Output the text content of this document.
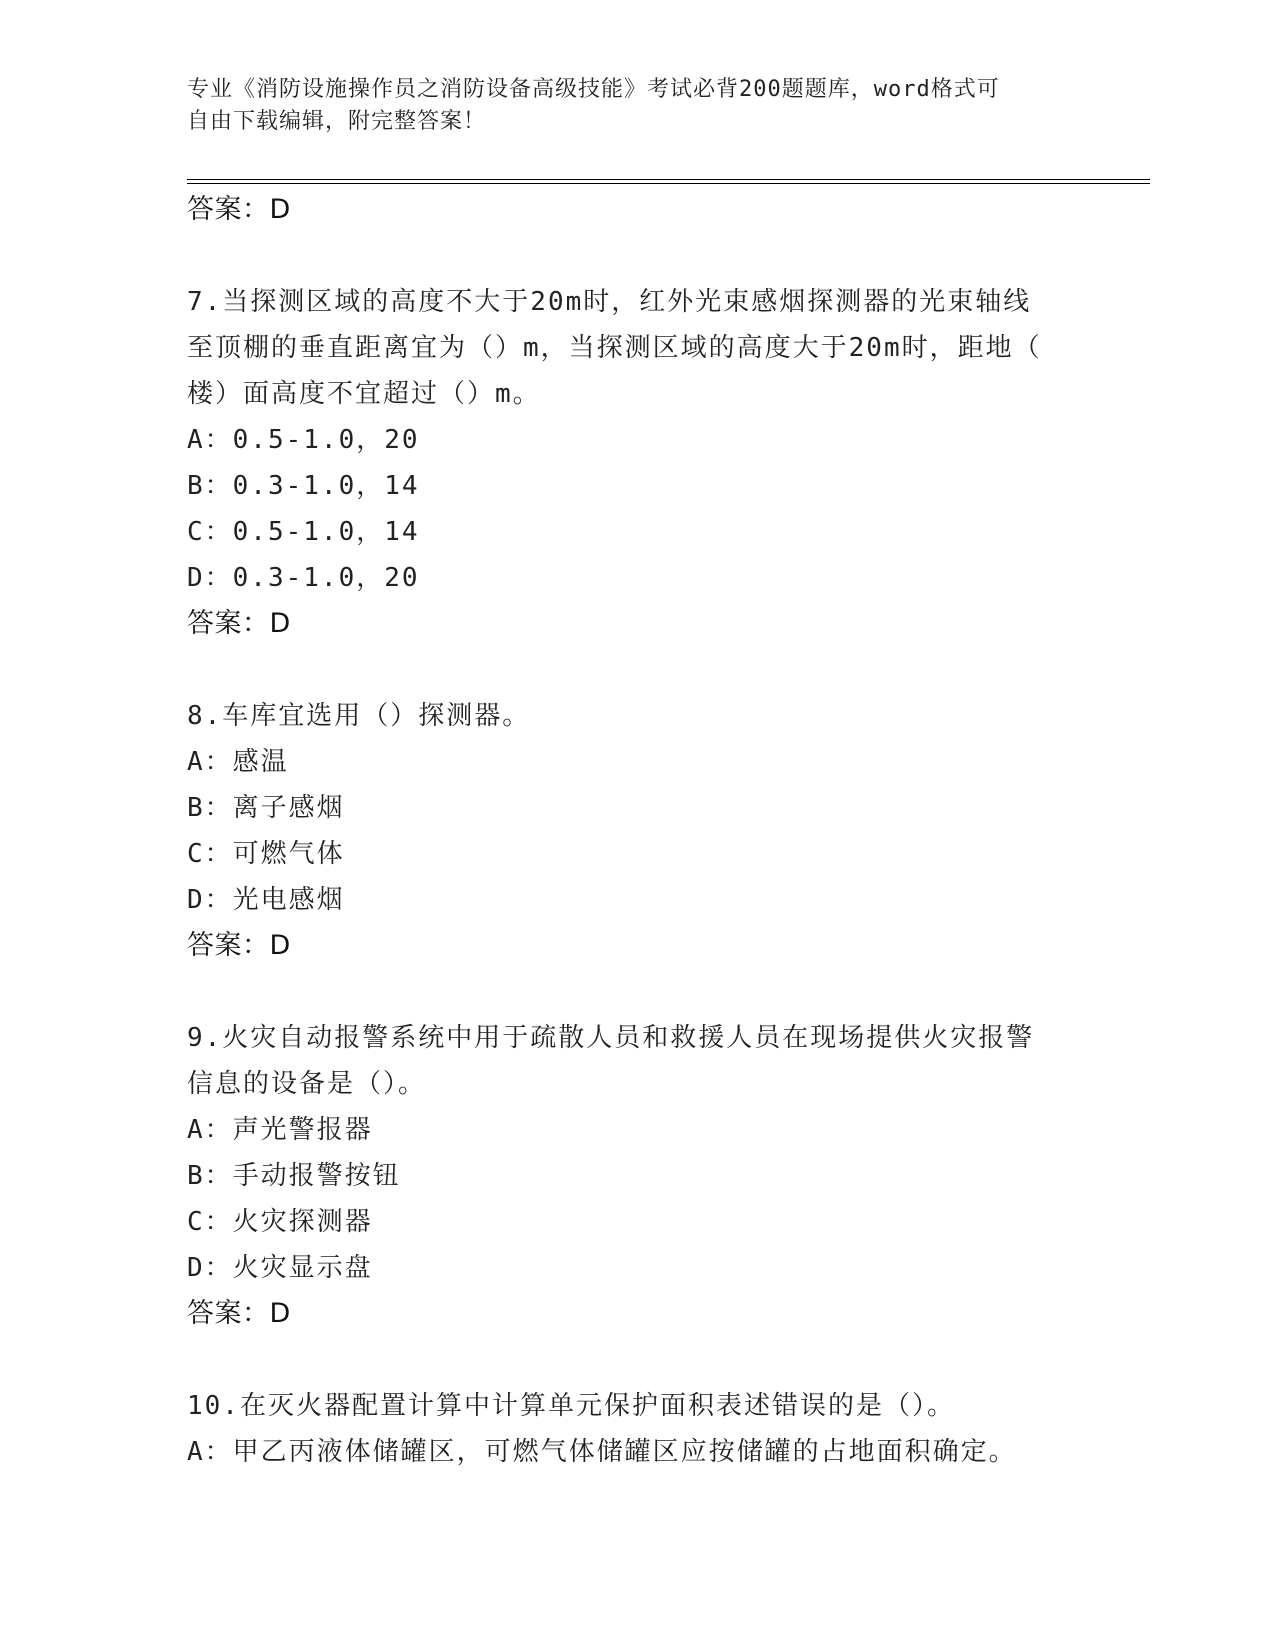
专业《消防设施操作员之消防设备高级技能》考试必背200题题库，word格式可
自由下载编辑，附完整答案！
答案：D
7.当探测区域的高度不大于20m时，红外光束感烟探测器的光束轴线
至顶棚的垂直距离宜为（）m，当探测区域的高度大于20m时，距地（
楼）面高度不宜超过（）m。
A：0.5-1.0，20
B：0.3-1.0，14
C：0.5-1.0，14
D：0.3-1.0，20
答案：D
8.车库宜选用（）探测器。
A：感温
B：离子感烟
C：可燃气体
D：光电感烟
答案：D
9.火灾自动报警系统中用于疏散人员和救援人员在现场提供火灾报警
信息的设备是（）。
A：声光警报器
B：手动报警按钮
C：火灾探测器
D：火灾显示盘
答案：D
10.在灭火器配置计算中计算单元保护面积表述错误的是（）。
A：甲乙丙液体储罐区，可燃气体储罐区应按储罐的占地面积确定。
